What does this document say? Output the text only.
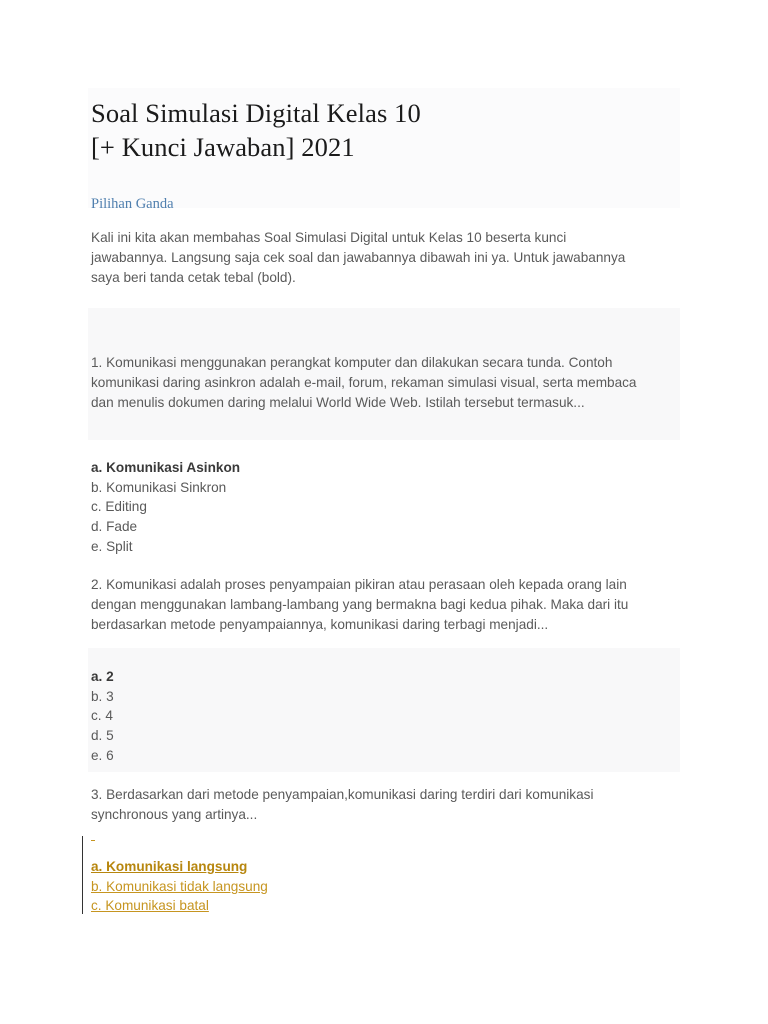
Soal Simulasi Digital Kelas 10
[+ Kunci Jawaban] 2021
Pilihan Ganda

Kali ini kita akan membahas Soal Simulasi Digital untuk Kelas 10 beserta kunci
jawabannya. Langsung saja cek soal dan jawabannya dibawah ini ya. Untuk jawabannya
saya beri tanda cetak tebal (bold).

1. Komunikasi menggunakan perangkat komputer dan dilakukan secara tunda. Contoh
komunikasi daring asinkron adalah e-mail, forum, rekaman simulasi visual, serta membaca
dan menulis dokumen daring melalui World Wide Web. Istilah tersebut termasuk...

a. Komunikasi Asinkon
b. Komunikasi Sinkron
c. Editing
d. Fade
e. Split

2. Komunikasi adalah proses penyampaian pikiran atau perasaan oleh kepada orang lain
dengan menggunakan lambang-lambang yang bermakna bagi kedua pihak. Maka dari itu
berdasarkan metode penyampaiannya, komunikasi daring terbagi menjadi...

a. 2
b. 3
c. 4
d. 5
e. 6

3. Berdasarkan dari metode penyampaian,komunikasi daring terdiri dari komunikasi
synchronous yang artinya...

a. Komunikasi langsung
b. Komunikasi tidak langsung
c. Komunikasi batal
